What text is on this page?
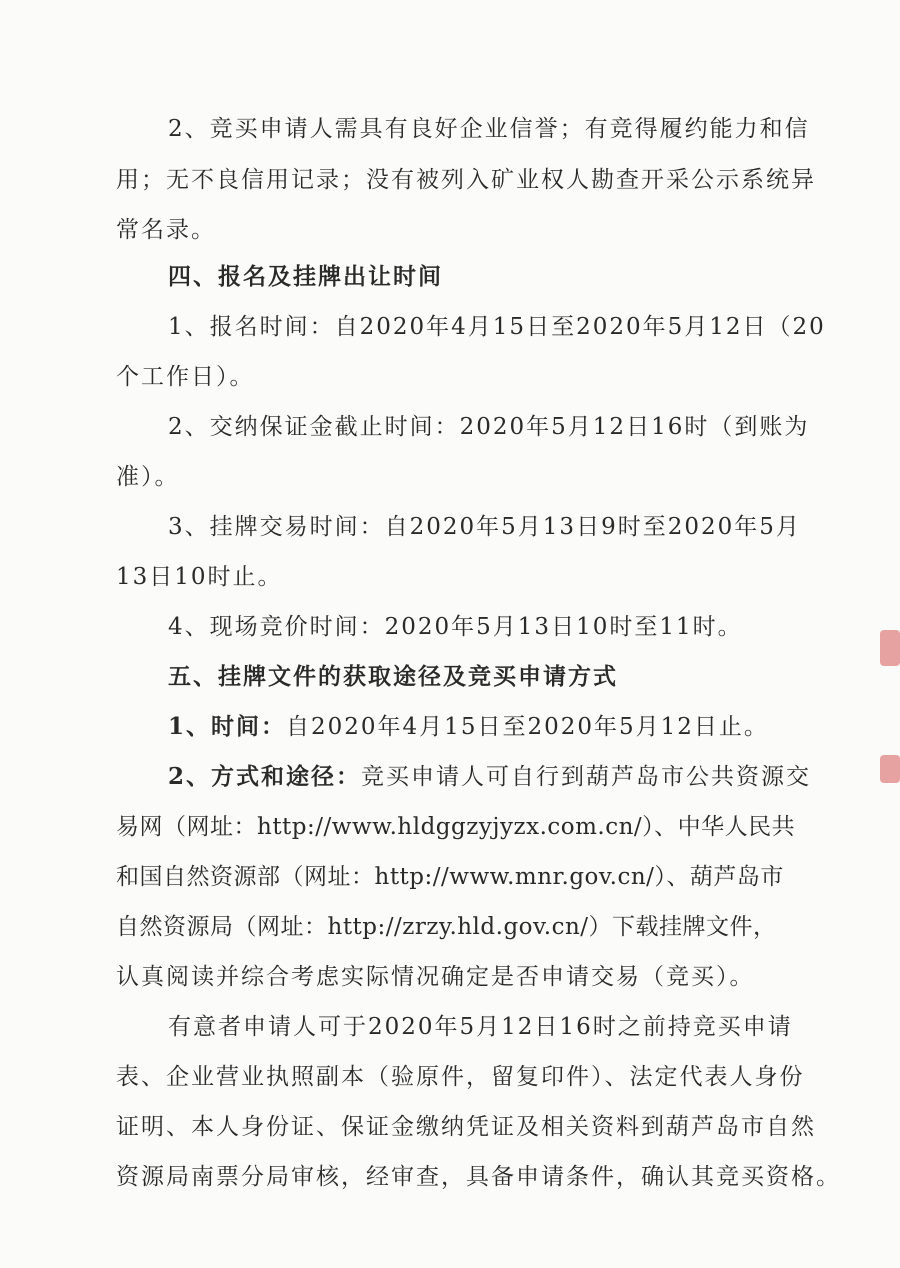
2、竞买申请人需具有良好企业信誉；有竞得履约能力和信
用；无不良信用记录；没有被列入矿业权人勘查开采公示系统异
常名录。
四、报名及挂牌出让时间
1、报名时间：自2020年4月15日至2020年5月12日（20
个工作日）。
2、交纳保证金截止时间：2020年5月12日16时（到账为
准）。
3、挂牌交易时间：自2020年5月13日9时至2020年5月
13日10时止。
4、现场竞价时间：2020年5月13日10时至11时。
五、挂牌文件的获取途径及竞买申请方式
1、时间：自2020年4月15日至2020年5月12日止。
2、方式和途径：竞买申请人可自行到葫芦岛市公共资源交
易网（网址：http://www.hldggzyjyzx.com.cn/）、中华人民共
和国自然资源部（网址：http://www.mnr.gov.cn/）、葫芦岛市
自然资源局（网址：http://zrzy.hld.gov.cn/）下载挂牌文件，
认真阅读并综合考虑实际情况确定是否申请交易（竞买）。
有意者申请人可于2020年5月12日16时之前持竞买申请
表、企业营业执照副本（验原件，留复印件）、法定代表人身份
证明、本人身份证、保证金缴纳凭证及相关资料到葫芦岛市自然
资源局南票分局审核，经审查，具备申请条件，确认其竞买资格。
